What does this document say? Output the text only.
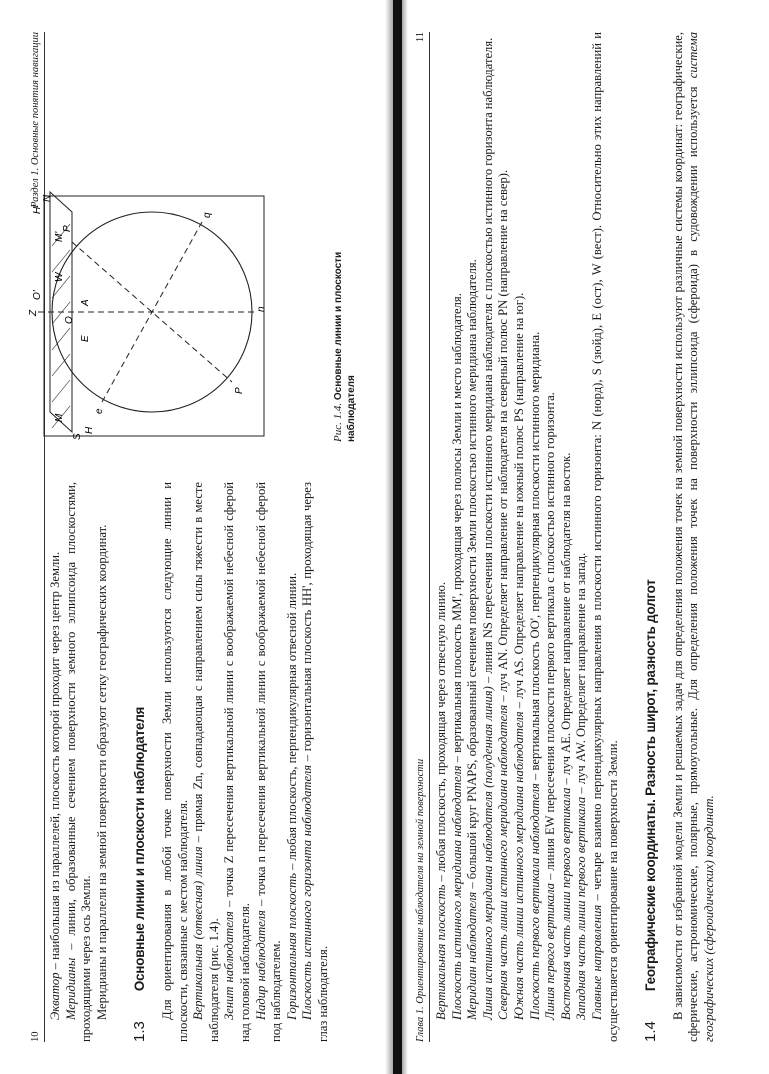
10
Раздел 1. Основные понятия навигации

Экватор – наибольшая из параллелей, плоскость которой проходит через центр Земли.

Меридианы – линии, образованные сечением поверхности земного эллипсоида плоскостями, проходящими через ось Земли. Меридианы и параллели на земной поверхности образуют сетку географических координат.

1.3
Основные линии и плоскости наблюдателя Для ориентирования в любой точке поверхности Земли используются следующие линии и плоскости, связанные с местом наблюдателя. Вертикальная (отвесная) линия – прямая Zn, совпадающая с направлением силы тяжести в месте наблюдателя (рис. 1.4). Зенит наблюдателя – точка Z пересечения вертикальной линии с воображаемой небесной сферой над головой наблюдателя. Надир наблюдателя – точка n пересечения вертикальной линии с воображаемой небесной сферой под наблюдателем. Горизонтальная плоскость – любая плоскость, перпендикулярная отвесной линии.

Плоскость истинного горизонта наблюдателя – горизонтальная плоскость HH', проходящая через глаз наблюдателя.

Z
S
N
n
P
P
e
q
A
E
W
M
M'
H
H'
O
O'
Рис. 1.4. Основные линии и плоскости наблюдателя
Глава 1. Ориентирование наблюдателя на земной поверхности
11

Вертикальная плоскость – любая плоскость, проходящая через отвесную линию.

Плоскость истинного меридиана наблюдателя – вертикальная плоскость MM', проходящая через полюсы Земли и место наблюдателя.

Меридиан наблюдателя – большой круг PNAPS, образованный сечением поверхности Земли плоскостью истинного меридиана наблюдателя. Линия истинного меридиана наблюдателя (полуденная линия) – линия NS пересечения плоскости истинного меридиана наблюдателя с плоскостью истинного горизонта наблюдателя.

Северная часть линии истинного меридиана наблюдателя – луч AN. Определяет направление от наблюдателя на северный полюс PN (направление на север).

Южная часть линии истинного меридиана наблюдателя – луч AS. Определяет направление на южный полюс PS (направление на юг).

Плоскость первого вертикала наблюдателя – вертикальная плоскость OO', перпендикулярная плоскости истинного меридиана.

Линия первого вертикала – линия EW пересечения плоскости первого вертикала с плоскостью истинного горизонта.

Восточная часть линии первого вертикала – луч AE. Определяет направление от наблюдателя на восток.

Западная часть линии первого вертикала – луч AW. Определяет направление на запад.

Главные направления – четыре взаимно перпендикулярных направления в плоскости истинного горизонта: N (норд), S (зюйд), E (ост), W (вест). Относительно этих направлений и осуществляется ориентирование на поверхности Земли. 1.4
Географические координаты. Разность широт, разность долгот В зависимости от избранной модели Земли и решаемых задач для определения положения точек на земной поверхности используют различные системы координат: географические, сферические, астрономические, полярные, прямоугольные. Для определения положения точек на поверхности эллипсоида (сфероида) в судовождении используется система географических (сфероидических) координат.
